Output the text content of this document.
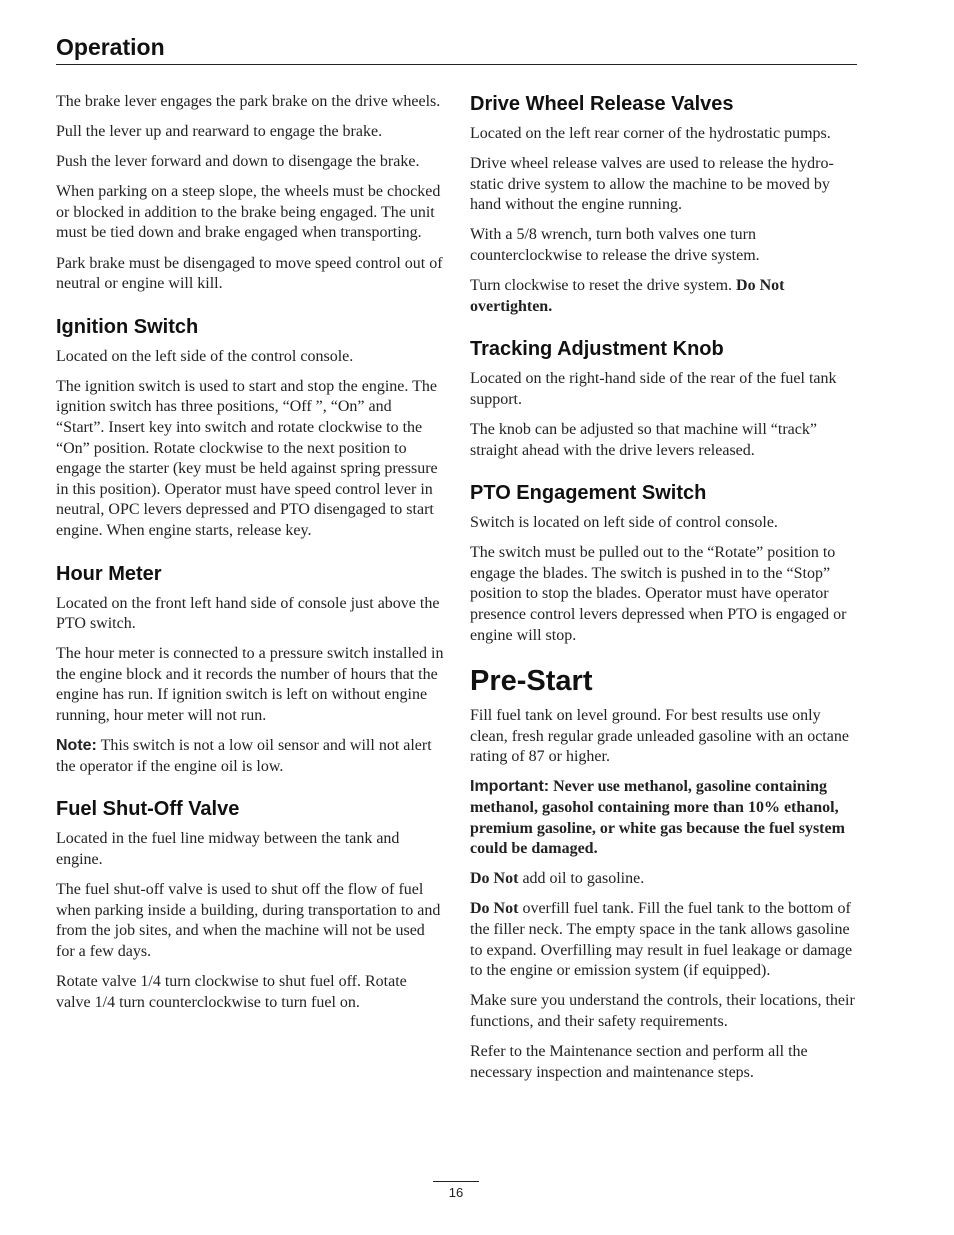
Operation

The brake lever engages the park brake on the drive wheels.

Pull the lever up and rearward to engage the brake.

Push the lever forward and down to disengage the brake.

When parking on a steep slope, the wheels must be chocked or blocked in addition to the brake being engaged. The unit must be tied down and brake engaged when transporting.

Park brake must be disengaged to move speed control out of neutral or engine will kill.

Ignition Switch

Located on the left side of the control console.

The ignition switch is used to start and stop the engine. The ignition switch has three positions, “Off ”, “On” and “Start”. Insert key into switch and rotate clockwise to the “On” position. Rotate clockwise to the next position to engage the starter (key must be held against spring pressure in this position). Operator must have speed control lever in neutral, OPC levers depressed and PTO disengaged to start engine. When engine starts, release key.

Hour Meter

Located on the front left hand side of console just above the PTO switch.

The hour meter is connected to a pressure switch installed in the engine block and it records the number of hours that the engine has run. If ignition switch is left on without engine running, hour meter will not run.

Note: This switch is not a low oil sensor and will not alert the operator if the engine oil is low.

Fuel Shut-Off Valve

Located in the fuel line midway between the tank and engine.

The fuel shut-off valve is used to shut off the flow of fuel when parking inside a building, during transportation to and from the job sites, and when the machine will not be used for a few days.

Rotate valve 1/4 turn clockwise to shut fuel off. Rotate valve 1/4 turn counterclockwise to turn fuel on.

Drive Wheel Release Valves

Located on the left rear corner of the hydrostatic pumps.

Drive wheel release valves are used to release the hydro-static drive system to allow the machine to be moved by hand without the engine running.

With a 5/8 wrench, turn both valves one turn counterclockwise to release the drive system.

Turn clockwise to reset the drive system. Do Not overtighten.

Tracking Adjustment Knob

Located on the right-hand side of the rear of the fuel tank support.

The knob can be adjusted so that machine will “track” straight ahead with the drive levers released.

PTO Engagement Switch

Switch is located on left side of control console.

The switch must be pulled out to the “Rotate” position to engage the blades. The switch is pushed in to the “Stop” position to stop the blades. Operator must have operator presence control levers depressed when PTO is engaged or engine will stop.

Pre-Start

Fill fuel tank on level ground. For best results use only clean, fresh regular grade unleaded gasoline with an octane rating of 87 or higher.

Important: Never use methanol, gasoline containing methanol, gasohol containing more than 10% ethanol, premium gasoline, or white gas because the fuel system could be damaged.

Do Not add oil to gasoline.

Do Not overfill fuel tank. Fill the fuel tank to the bottom of the filler neck. The empty space in the tank allows gasoline to expand. Overfilling may result in fuel leakage or damage to the engine or emission system (if equipped).

Make sure you understand the controls, their locations, their functions, and their safety requirements.

Refer to the Maintenance section and perform all the necessary inspection and maintenance steps.

16
